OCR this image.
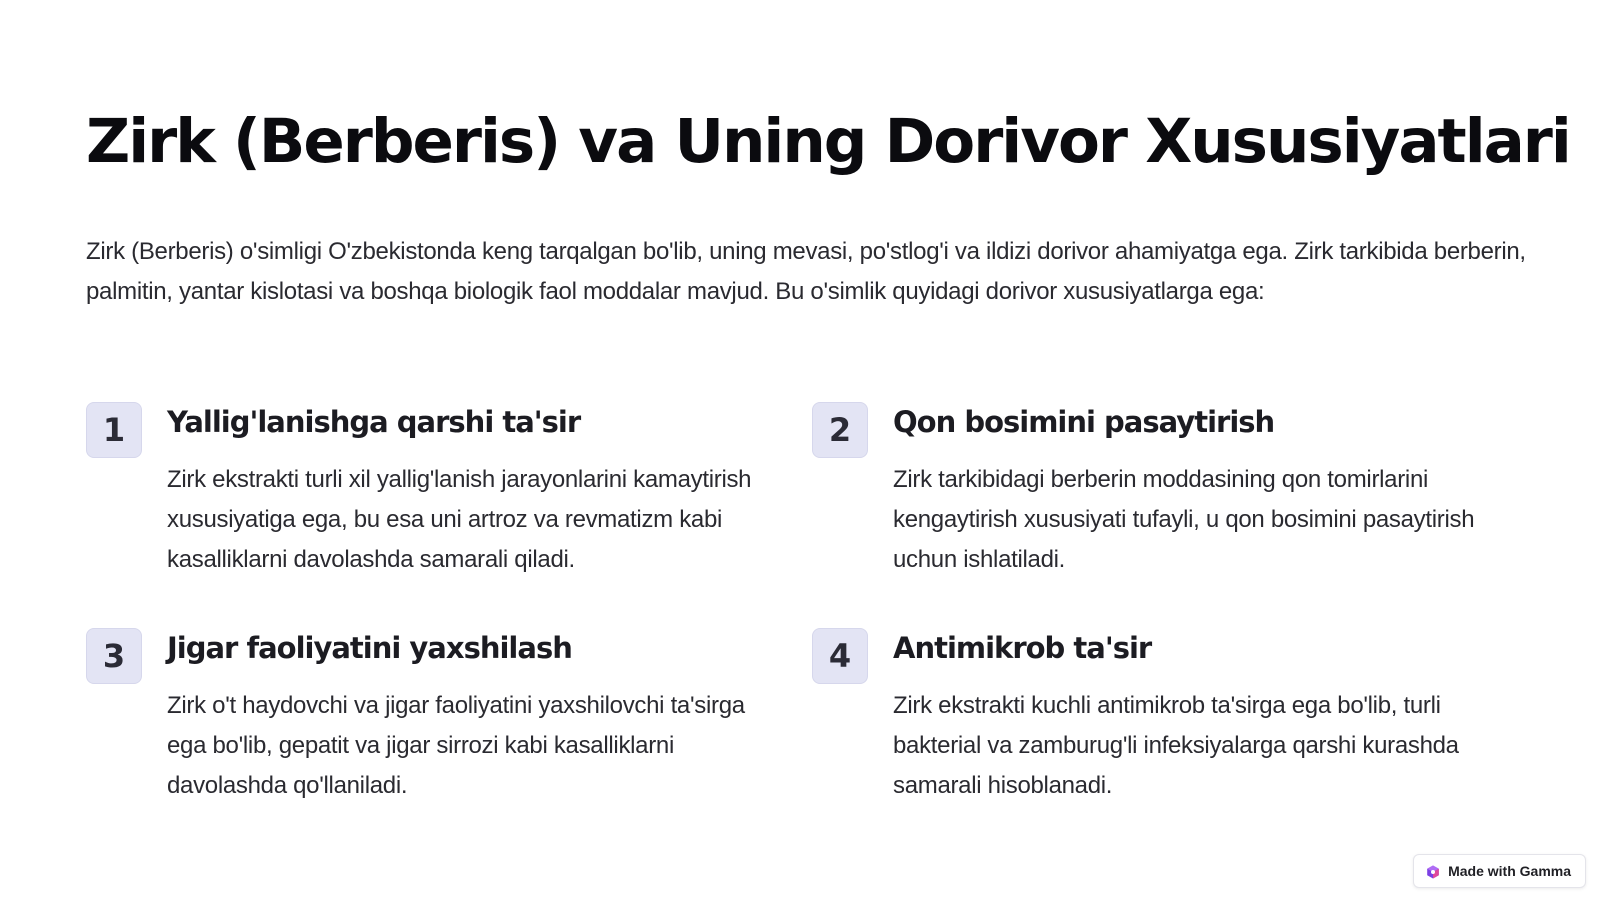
Zirk (Berberis) va Uning Dorivor Xususiyatlari

Zirk (Berberis) o'simligi O'zbekistonda keng tarqalgan bo'lib, uning mevasi, po'stlog'i va ildizi dorivor ahamiyatga ega. Zirk tarkibida berberin, palmitin, yantar kislotasi va boshqa biologik faol moddalar mavjud. Bu o'simlik quyidagi dorivor xususiyatlarga ega:

1 Yallig'lanishga qarshi ta'sir

Zirk ekstrakti turli xil yallig'lanish jarayonlarini kamaytirish xususiyatiga ega, bu esa uni artroz va revmatizm kabi kasalliklarni davolashda samarali qiladi.

2 Qon bosimini pasaytirish

Zirk tarkibidagi berberin moddasining qon tomirlarini kengaytirish xususiyati tufayli, u qon bosimini pasaytirish uchun ishlatiladi.

3 Jigar faoliyatini yaxshilash

Zirk o't haydovchi va jigar faoliyatini yaxshilovchi ta'sirga ega bo'lib, gepatit va jigar sirrozi kabi kasalliklarni davolashda qo'llaniladi.

4 Antimikrob ta'sir

Zirk ekstrakti kuchli antimikrob ta'sirga ega bo'lib, turli bakterial va zamburug'li infeksiyalarga qarshi kurashda samarali hisoblanadi.

Made with Gamma
